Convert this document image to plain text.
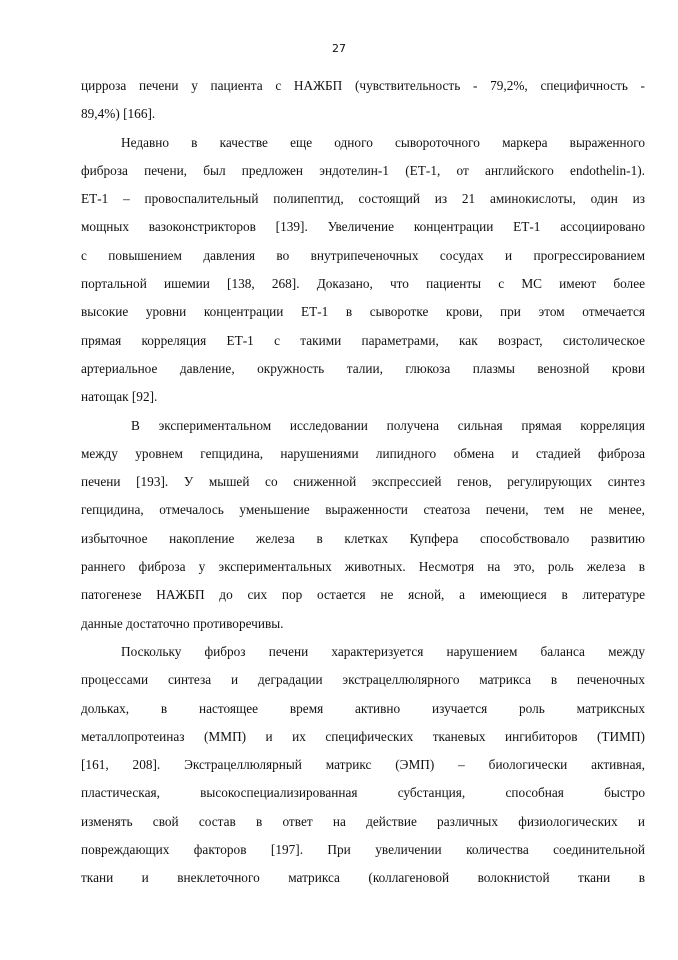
27
цирроза печени у пациента с НАЖБП (чувствительность - 79,2%, специфичность -
89,4%) [166].
Недавно в качестве еще одного сывороточного маркера выраженного
фиброза печени, был предложен эндотелин-1 (ЕТ-1, от английского endothelin-1).
ЕТ-1 – провоспалительный полипептид, состоящий из 21 аминокислоты, один из
мощных вазоконстрикторов [139]. Увеличение концентрации ЕТ-1 ассоциировано
с повышением давления во внутрипеченочных сосудах и прогрессированием
портальной ишемии [138, 268]. Доказано, что пациенты с МС имеют более
высокие уровни концентрации ЕТ-1 в сыворотке крови, при этом отмечается
прямая корреляция ЕТ-1 с такими параметрами, как возраст, систолическое
артериальное давление, окружность талии, глюкоза плазмы венозной крови
натощак [92].
В экспериментальном исследовании получена сильная прямая корреляция
между уровнем гепцидина, нарушениями липидного обмена и стадией фиброза
печени [193]. У мышей со сниженной экспрессией генов, регулирующих синтез
гепцидина, отмечалось уменьшение выраженности стеатоза печени, тем не менее,
избыточное накопление железа в клетках Купфера способствовало развитию
раннего фиброза у экспериментальных животных. Несмотря на это, роль железа в
патогенезе НАЖБП до сих пор остается не ясной, а имеющиеся в литературе
данные достаточно противоречивы.
Поскольку фиброз печени характеризуется нарушением баланса между
процессами синтеза и деградации экстрацеллюлярного матрикса в печеночных
дольках, в настоящее время активно изучается роль матриксных
металлопротеиназ (ММП) и их специфических тканевых ингибиторов (ТИМП)
[161, 208]. Экстрацеллюлярный матрикс (ЭМП) – биологически активная,
пластическая, высокоспециализированная субстанция, способная быстро
изменять свой состав в ответ на действие различных физиологических и
повреждающих факторов [197]. При увеличении количества соединительной
ткани и внеклеточного матрикса (коллагеновой волокнистой ткани в
